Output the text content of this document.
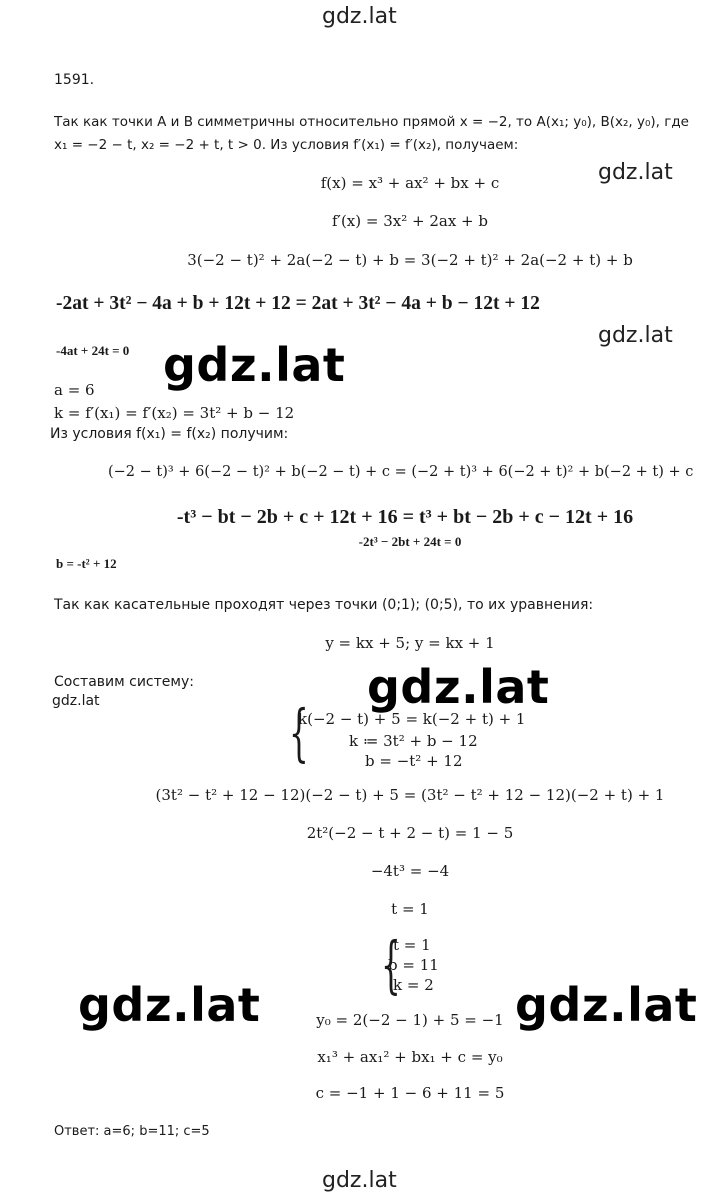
gdz.lat
gdz.lat
gdz.lat
gdz.lat
gdz.lat
gdz.lat
gdz.lat	gdz.lat
gdz.lat
1591.
Так как точки A и B симметричны относительно прямой x = −2, то A(x₁; y₀), B(x₂, y₀), где
x₁ = −2 − t, x₂ = −2 + t, t > 0. Из условия f′(x₁) = f′(x₂), получаем:
f(x) = x³ + ax² + bx + c
f′(x) = 3x² + 2ax + b
3(−2 − t)² + 2a(−2 − t) + b = 3(−2 + t)² + 2a(−2 + t) + b
-2at + 3t² − 4a + b + 12t + 12 = 2at + 3t² − 4a + b − 12t + 12
-4at + 24t = 0
a = 6
k = f′(x₁) = f′(x₂) = 3t² + b − 12
Из условия f(x₁) = f(x₂) получим:
(−2 − t)³ + 6(−2 − t)² + b(−2 − t) + c = (−2 + t)³ + 6(−2 + t)² + b(−2 + t) + c
-t³ − bt − 2b + c + 12t + 16 = t³ + bt − 2b + c − 12t + 16
-2t³ − 2bt + 24t = 0
b = -t² + 12
Так как касательные проходят через точки (0;1); (0;5), то их уравнения:
y = kx + 5; y = kx + 1
Составим систему:
{
k(−2 − t) + 5 = k(−2 + t) + 1
k ≔ 3t² + b − 12
b = −t² + 12
(3t² − t² + 12 − 12)(−2 − t) + 5 = (3t² − t² + 12 − 12)(−2 + t) + 1
2t²(−2 − t + 2 − t) = 1 − 5
−4t³ = −4
t = 1
{
t = 1
b = 11
k = 2
y₀ = 2(−2 − 1) + 5 = −1
x₁³ + ax₁² + bx₁ + c = y₀
c = −1 + 1 − 6 + 11 = 5
Ответ: a=6; b=11; c=5
